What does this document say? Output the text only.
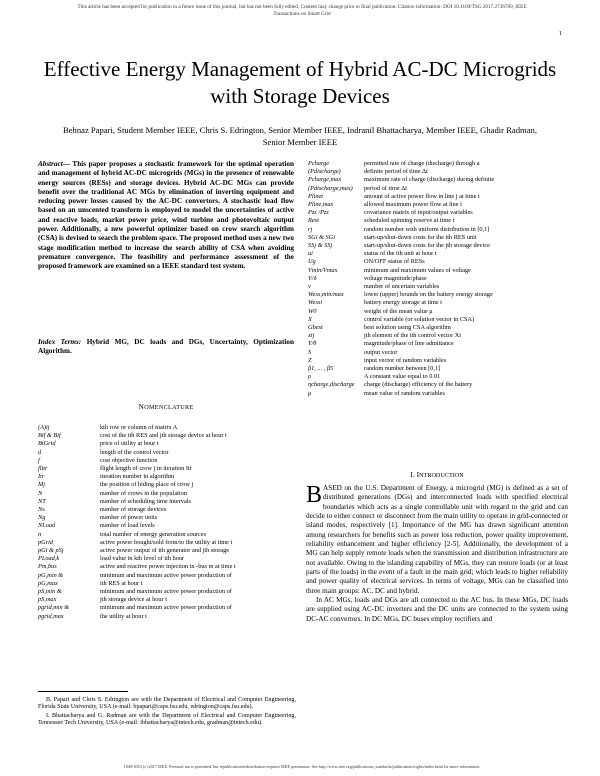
This article has been accepted for publication in a future issue of this journal, but has not been fully edited. Content may change prior to final publication. Citation information: DOI 10.1109/TSG.2017.2736789, IEEE
Transactions on Smart Grid
1
Effective Energy Management of Hybrid AC-DC Microgrids with Storage Devices
Behnaz Papari, Student Member IEEE, Chris S. Edrington, Senior Member IEEE, Indranil Bhattacharya, Member IEEE, Ghadir Radman, Senior Member IEEE
Abstract— This paper proposes a stochastic framework for the optimal operation and management of hybrid AC-DC microgrids (MGs) in the presence of renewable energy sources (RESs) and storage devices. Hybrid AC-DC MGs can provide benefit over the traditional AC MGs by elimination of inverting equipment and reducing power losses caused by the AC-DC convertors. A stochastic load flow based on an unscented transform is employed to model the uncertainties of active and reactive loads, market power price, wind turbine and photovoltaic output power. Additionally, a new powerful optimizer based on crow search algorithm (CSA) is devised to search the problem space. The proposed method uses a new two stage modification method to increase the search ability of CSA when avoiding premature convergence. The feasibility and performance assessment of the proposed framework are examined on a IEEE standard test system.
Index Terms: Hybrid MG, DC loads and DGs, Uncertainty, Optimization Algorithm.
NOMENCLATURE
(A)ij	kth row or column of matrix A
Bif & Bif	cost of the ith RES and jth storage device at hour t
BtGrid	price of utility at hour t
d	length of the control vector
f	cost objective function
flitr	flight length of crow j in iteration Itr
Itr	iteration number in algorithm
Mj	the position of hiding place of crow j
N	number of crows in the population
NT	number of scheduling time intervals
Ns	number of storage devices
Ng	number of power units
NLoad	number of load levels
n	total number of energy generation sources
pGrid	active power bought/sold from/to the utility at time t
pGi & pSj	active power output of ith generator and jth storage
PLoad,k	load value in kth level of tth hour
Pm,bus	active and reactive power injection in -bus m at time t
pG,min &	minimum and maximum active power production of
pG,max	ith RES at hour t
pS,min &	minimum and maximum active power production of
pS,max	jth storage device at hour t
pgrid,min &	minimum and maximum active power production of
pgrid,max	the utility at hour t
Pcharge	permitted rate of charge (discharge) through a
(Pdischarge)	definite period of time Δt
Pcharge,max	maximum rate of charge (discharge) during definite
(Pdischarge,max)	period of time Δt
Plinet	amount of active power flow in line j at time t
Pline,max	allowed maximum power flow at line i
Pzz /Pzz	covariance matrix of input/output variables
Rest	scheduled spinning reserve at time t
rj	random number with uniform distribution in [0,1]
SGi & SGi	start-up/shut-down costs for the ith RES unit
SSj & SSj	start-up/shut-down costs for the jth storage device
ui	status of the ith unit at hour t
Ug	ON/OFF status of RESs
Vmin/Vmax	minimum and maximum values of voltage
V/δ	voltage magnitude/phase
v	number of uncertain variables
Wess,min/max	lower (upper) bounds on the battery energy storage
Wessi	battery energy storage at time t
W0	weight of the mean value μ
X	control variable (or solution vector in CSA)
Gbest	best solution using CSA algorithm
xij	jth element of the ith control vector Xi
Y/θ	magnitude/phase of line admittance
S	output vector
Z	input vector of random variables
β1, ... , β5	random number between [0,1]
ρ	A constant value equal to 0.01
ηcharge,discharge	charge (discharge) efficiency of the battery
μ	mean value of random variables
I. INTRODUCTION

BASED on the U.S. Department of Energy, a microgrid (MG) is defined as a set of distributed generations (DGs) and interconnected loads with specified electrical boundaries which acts as a single controllable unit with regard to the grid and can decide to either connect or disconnect from the main utility to operate in grid-connected or island modes, respectively [1]. Importance of the MG has drawn significant attention among researchers for benefits such as power loss reduction, power quality improvement, reliability enhancement and higher efficiency [2-5]. Additionally, the development of a MG can help supply remote loads when the transmission and distribution infrastructure are not available. Owing to the islanding capability of MGs, they can restore loads (or at least parts of the loads) in the event of a fault in the main grid; which leads to higher reliability and power quality of electrical services. In terms of voltage, MGs can be classified into three main groups: AC, DC and hybrid.

In AC MGs, loads and DGs are all connected to the AC bus. In these MGs, DC loads are supplied using AC-DC inverters and the DC units are connected to the system using DC-AC convertors. In DC MGs, DC buses employ rectifiers and

B. Papari and Chris S. Edrington are with the Department of Electrical and Computer Engineering, Florida State University, USA (e-mail: bpapari@caps.fsu.edu, edrington@caps.fsu.edu).

I. Bhattacharya and G. Radman are with the Department of Electrical and Computer Engineering, Tennessee Tech University, USA (e-mail: ibhattacharya@tntech.edu, gradman@tntech.edu).

1949-3053 (c) 2017 IEEE. Personal use is permitted, but republication/redistribution requires IEEE permission. See http://www.ieee.org/publications_standards/publications/rights/index.html for more information.
